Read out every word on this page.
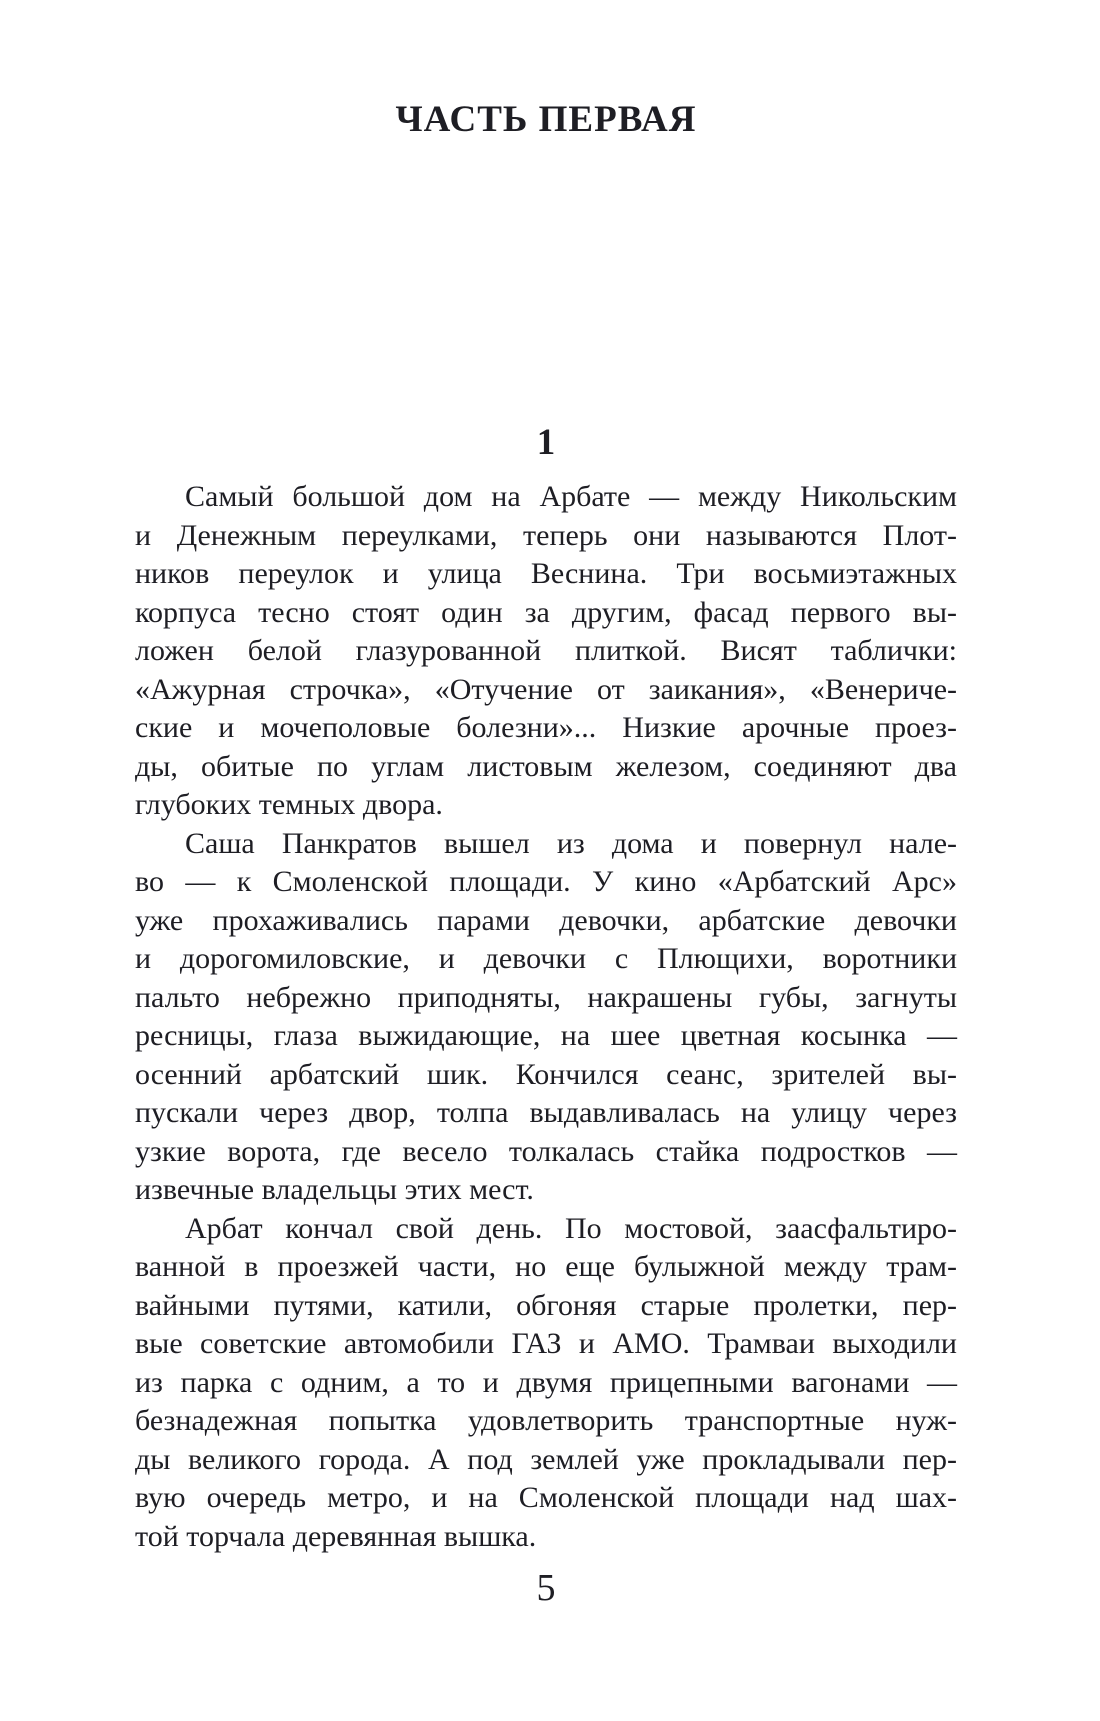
ЧАСТЬ ПЕРВАЯ
1
Самый большой дом на Арбате — между Никольским
и Денежным переулками, теперь они называются Плот-
ников переулок и улица Веснина. Три восьмиэтажных
корпуса тесно стоят один за другим, фасад первого вы-
ложен белой глазурованной плиткой. Висят таблички:
«Ажурная строчка», «Отучение от заикания», «Венериче-
ские и мочеполовые болезни»... Низкие арочные проез-
ды, обитые по углам листовым железом, соединяют два
глубоких темных двора.
Саша Панкратов вышел из дома и повернул нале-
во — к Смоленской площади. У кино «Арбатский Арс»
уже прохаживались парами девочки, арбатские девочки
и дорогомиловские, и девочки с Плющихи, воротники
пальто небрежно приподняты, накрашены губы, загнуты
ресницы, глаза выжидающие, на шее цветная косынка —
осенний арбатский шик. Кончился сеанс, зрителей вы-
пускали через двор, толпа выдавливалась на улицу через
узкие ворота, где весело толкалась стайка подростков —
извечные владельцы этих мест.
Арбат кончал свой день. По мостовой, заасфальтиро-
ванной в проезжей части, но еще булыжной между трам-
вайными путями, катили, обгоняя старые пролетки, пер-
вые советские автомобили ГАЗ и АМО. Трамваи выходили
из парка с одним, а то и двумя прицепными вагонами —
безнадежная попытка удовлетворить транспортные нуж-
ды великого города. А под землей уже прокладывали пер-
вую очередь метро, и на Смоленской площади над шах-
той торчала деревянная вышка.
5
